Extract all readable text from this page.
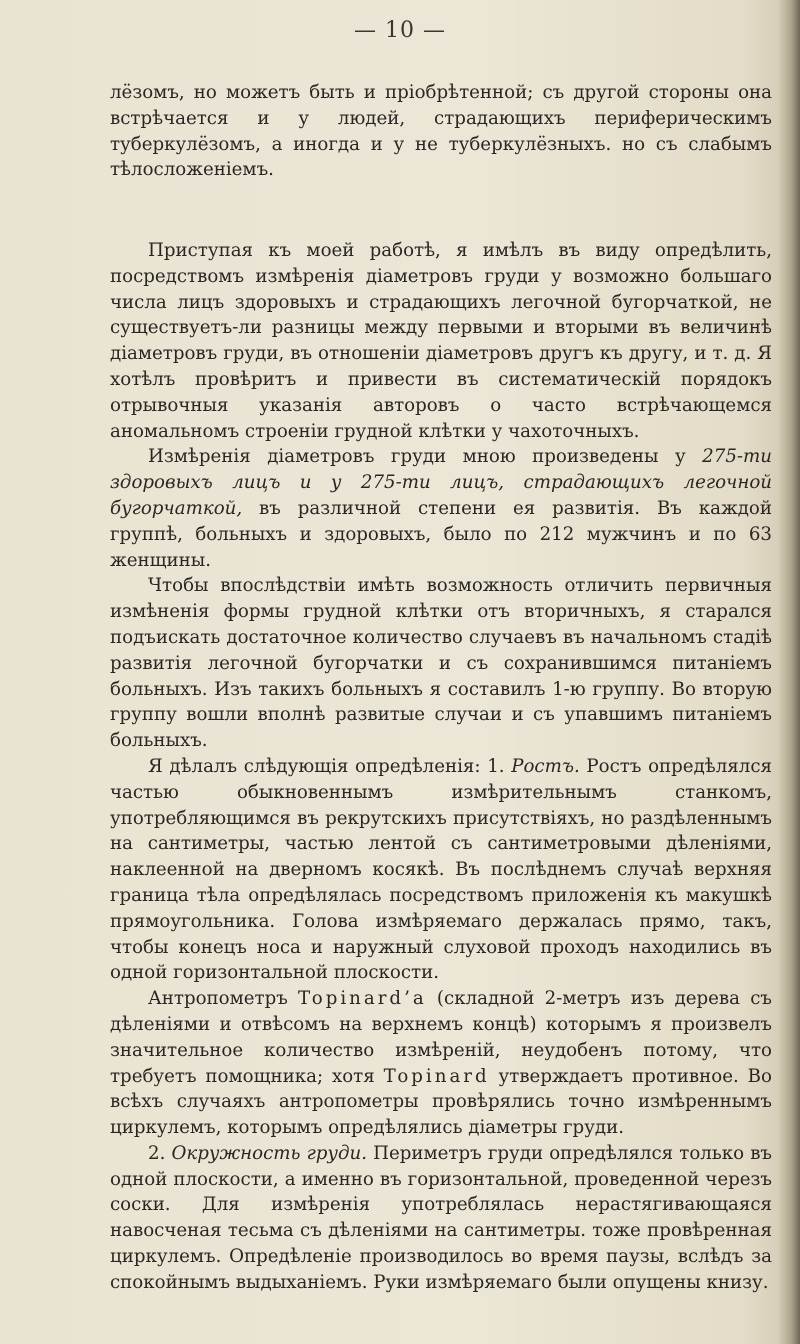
— 10 —

лёзомъ, но можетъ быть и пріобрѣтенной; съ другой стороны она встрѣчается и у людей, страдающихъ периферическимъ туберкулёзомъ, а иногда и у не туберкулёзныхъ. но съ слабымъ тѣлосложеніемъ.

Приступая къ моей работѣ, я имѣлъ въ виду опредѣлить, посредствомъ измѣренія діаметровъ груди у возможно большаго числа лицъ здоровыхъ и страдающихъ легочной бугорчаткой, не существуетъ-ли разницы между первыми и вторыми въ величинѣ діаметровъ груди, въ отношеніи діаметровъ другъ къ другу, и т. д. Я хотѣлъ провѣритъ и привести въ систематическій порядокъ отрывочныя указанія авторовъ о часто встрѣчающемся аномальномъ строеніи грудной клѣтки у чахоточныхъ.

Измѣренія діаметровъ груди мною произведены у 275-ти здоровыхъ лицъ и у 275-ти лицъ, страдающихъ легочной бугорчаткой, въ различной степени ея развитія. Въ каждой группѣ, больныхъ и здоровыхъ, было по 212 мужчинъ и по 63 женщины.

Чтобы впослѣдствіи имѣть возможность отличить первичныя измѣненія формы грудной клѣтки отъ вторичныхъ, я старался подъискать достаточное количество случаевъ въ начальномъ стадіѣ развитія легочной бугорчатки и съ сохранившимся питаніемъ больныхъ. Изъ такихъ больныхъ я составилъ 1-ю группу. Во вторую группу вошли вполнѣ развитые случаи и съ упавшимъ питаніемъ больныхъ.

Я дѣлалъ слѣдующія опредѣленія: 1. Ростъ. Ростъ опредѣлялся частью обыкновеннымъ измѣрительнымъ станкомъ, употребляющимся въ рекрутскихъ присутствіяхъ, но раздѣленнымъ на сантиметры, частью лентой съ сантиметровыми дѣленіями, наклеенной на дверномъ косякѣ. Въ послѣднемъ случаѣ верхняя граница тѣла опредѣлялась посредствомъ приложенія къ макушкѣ прямоугольника. Голова измѣряемаго держалась прямо, такъ, чтобы конецъ носа и наружный слуховой проходъ находились въ одной горизонтальной плоскости.

Антропометръ Topinard’a (складной 2-метръ изъ дерева съ дѣленіями и отвѣсомъ на верхнемъ концѣ) которымъ я произвелъ значительное количество измѣреній, неудобенъ потому, что требуетъ помощника; хотя Topinard утверждаетъ противное. Во всѣхъ случаяхъ антропометры провѣрялись точно измѣреннымъ циркулемъ, которымъ опредѣлялись діаметры груди.

2. Окружность груди. Периметръ груди опредѣлялся только въ одной плоскости, а именно въ горизонтальной, проведенной черезъ соски. Для измѣренія употреблялась нерастягивающаяся навосченая тесьма съ дѣленіями на сантиметры. тоже провѣренная циркулемъ. Опредѣленіе производилось во время паузы, вслѣдъ за спокойнымъ выдыханіемъ. Руки измѣряемаго были опущены книзу.
